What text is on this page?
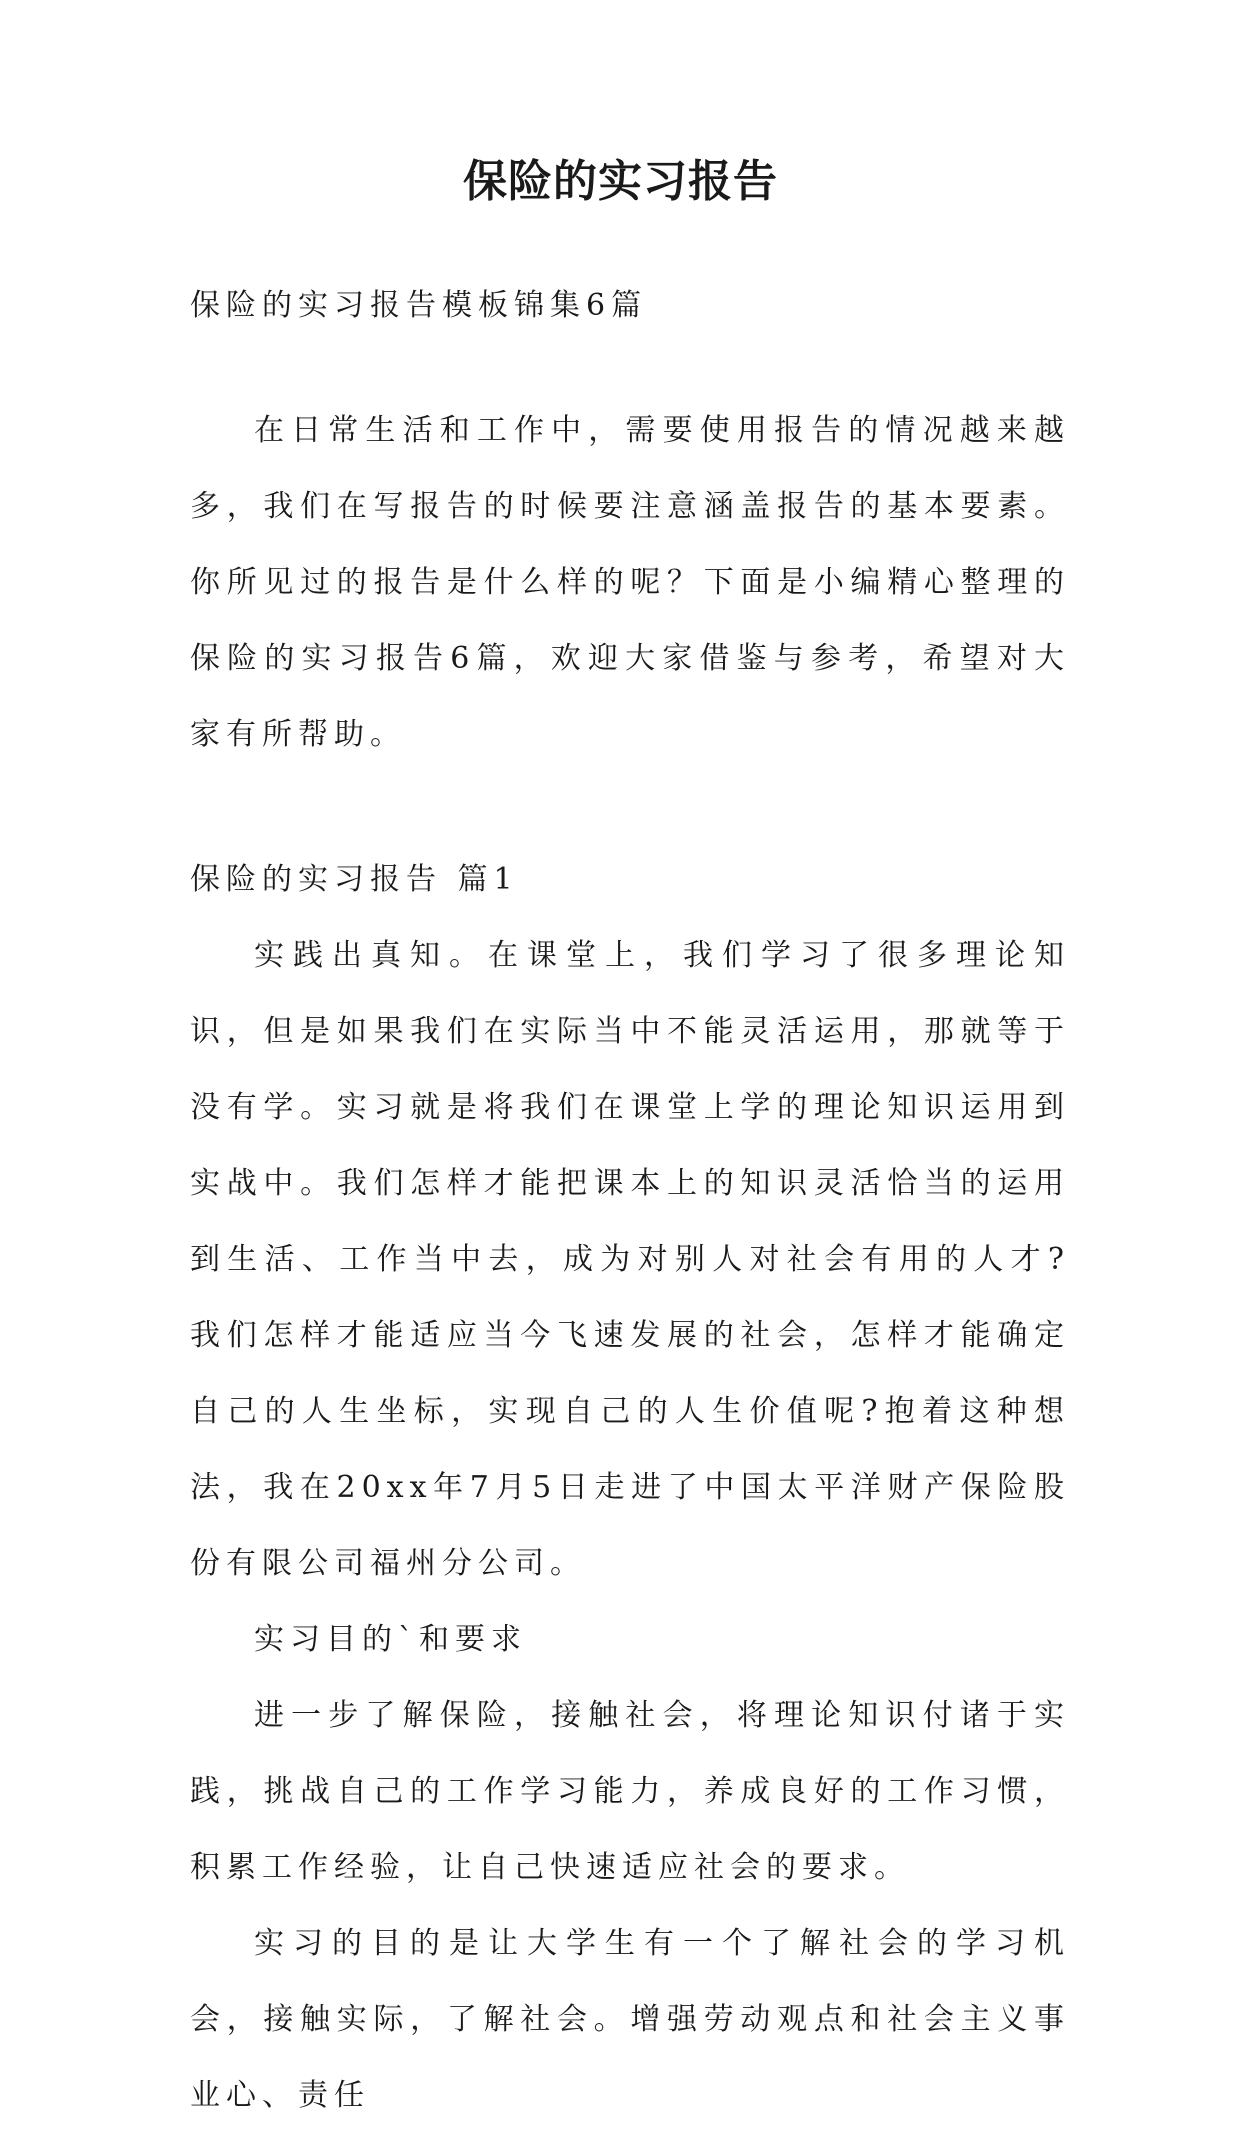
保险的实习报告

保险的实习报告模板锦集6篇

在日常生活和工作中，需要使用报告的情况越来越多，我们在写报告的时候要注意涵盖报告的基本要素。你所见过的报告是什么样的呢？下面是小编精心整理的保险的实习报告6篇，欢迎大家借鉴与参考，希望对大家有所帮助。

保险的实习报告 篇1

实践出真知。在课堂上，我们学习了很多理论知识，但是如果我们在实际当中不能灵活运用，那就等于没有学。实习就是将我们在课堂上学的理论知识运用到实战中。我们怎样才能把课本上的知识灵活恰当的运用到生活、工作当中去，成为对别人对社会有用的人才?我们怎样才能适应当今飞速发展的社会，怎样才能确定自己的人生坐标，实现自己的人生价值呢?抱着这种想法，我在20xx年7月5日走进了中国太平洋财产保险股份有限公司福州分公司。

实习目的`和要求

进一步了解保险，接触社会，将理论知识付诸于实践，挑战自己的工作学习能力，养成良好的工作习惯，积累工作经验，让自己快速适应社会的要求。

实习的目的是让大学生有一个了解社会的学习机会，接触实际，了解社会。增强劳动观点和社会主义事业心、责任
